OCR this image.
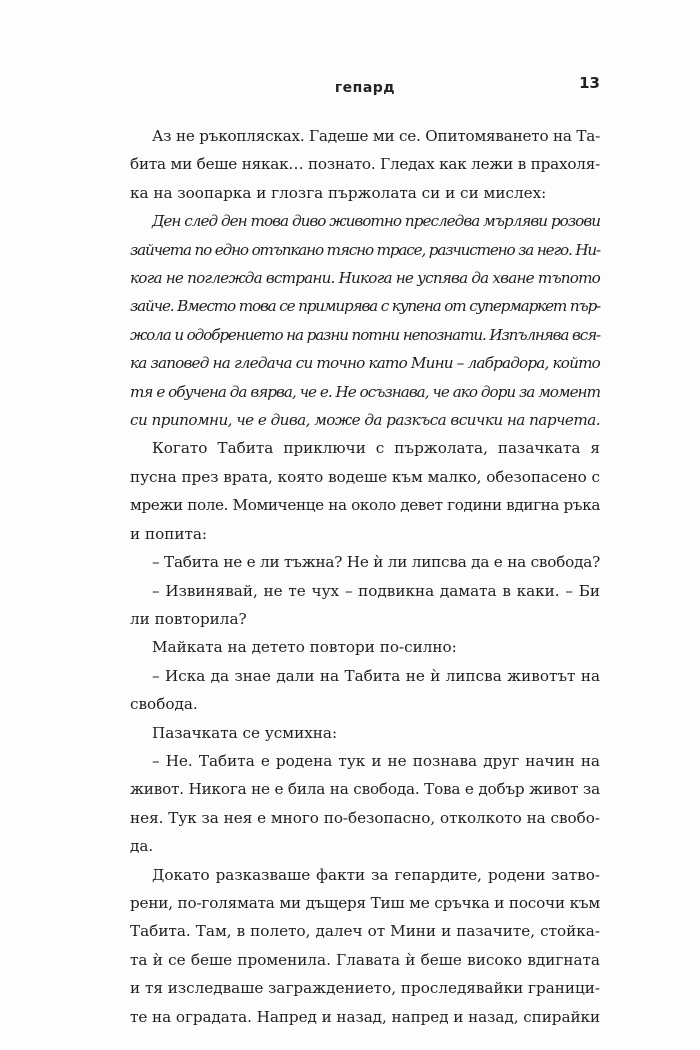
гепард	13
Аз не ръкоплясках. Гадеше ми се. Опитомяването на Та-
бита ми беше някак… познато. Гледах как лежи в прахоля-
ка на зоопарка и глозга пържолата си и си мислех:
Ден след ден това диво животно преследва мърляви розови
зайчета по едно отъпкано тясно трасе, разчистено за него. Ни-
кога не поглежда встрани. Никога не успява да хване тъпото
зайче. Вместо това се примирява с купена от супермаркет пър-
жола и одобрението на разни потни непознати. Изпълнява вся-
ка заповед на гледача си точно като Мини – лабрадора, който
тя е обучена да вярва, че е. Не осъзнава, че ако дори за момент
си припомни, че е дива, може да разкъса всички на парчета.
Когато Табита приключи с пържолата, пазачката я
пусна през врата, която водеше към малко, обезопасено с
мрежи поле. Момиченце на около девет години вдигна ръка
и попита:
– Табита не е ли тъжна? Не ѝ ли липсва да е на свобода?
– Извинявай, не те чух – подвикна дамата в каки. – Би
ли повторила?
Майката на детето повтори по-силно:
– Иска да знае дали на Табита не ѝ липсва животът на
свобода.
Пазачката се усмихна:
– Не. Табита е родена тук и не познава друг начин на
живот. Никога не е била на свобода. Това е добър живот за
нея. Тук за нея е много по-безопасно, отколкото на свобо-
да.
Докато разказваше факти за гепардите, родени затво-
рени, по-голямата ми дъщеря Тиш ме сръчка и посочи към
Табита. Там, в полето, далеч от Мини и пазачите, стойка-
та ѝ се беше променила. Главата ѝ беше високо вдигната
и тя изследваше заграждението, проследявайки граници-
те на оградата. Напред и назад, напред и назад, спирайки
